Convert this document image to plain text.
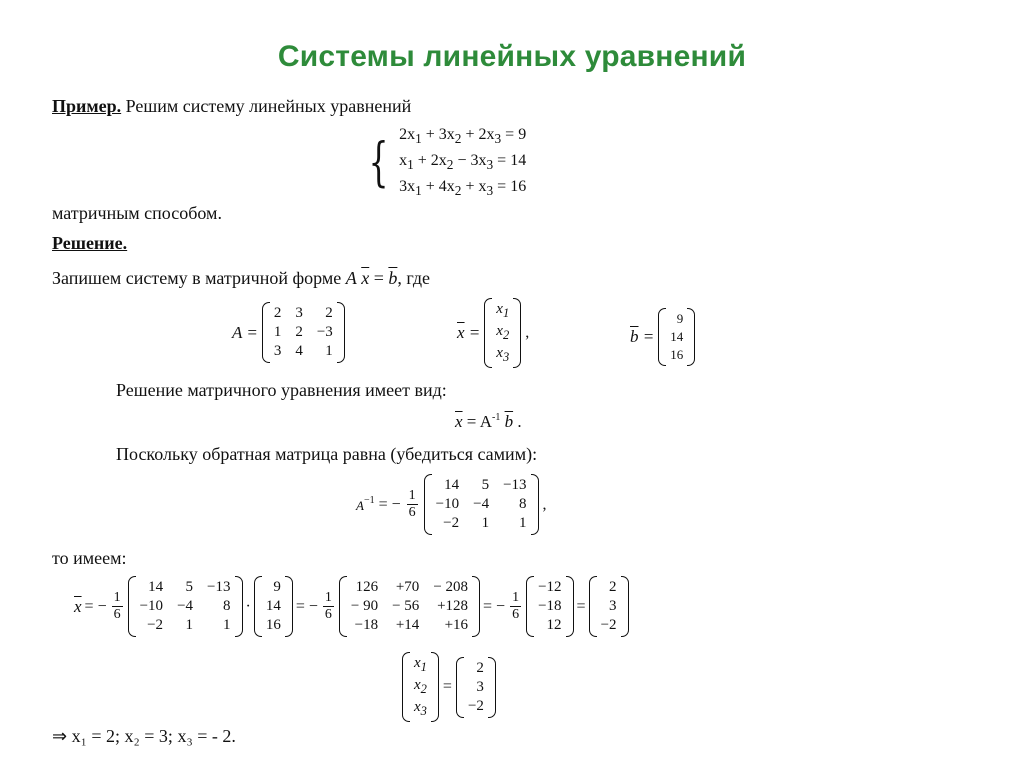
Системы линейных уравнений
Пример. Решим систему линейных уравнений
{ $2x_1 + 3x_2 + 2x_3 = 9$
$x_1 + 2x_2 - 3x_3 = 14$
$3x_1 + 4x_2 + x_3 = 16$
матричным способом.
Решение.
Запишем систему в матричной форме A $\overline{x} = \overline{b}$, где
A =
2 3	2
1 2 −3
3 4	1
$\overline{x}$ =
$x_1$
$x_2$
$x_3$
,	$\overline{b}$ =
9
14
16
Решение матричного уравнения имеет вид:
$\overline{x} = A^{-1}$ $\overline{b}$ .
Поскольку обратная матрица равна (убедиться самим):
$A^{-1}$ = − $\frac{1}{6}$
14	5 −13
−10 −4	8
−2	1	1
,
то имеем:
$\overline{x}$ = − $\frac{1}{6}$
14	5 −13
−10 −4	8
−2	1	1
·
9
14
16
= − $\frac{1}{6}$
126 +70 − 208
− 90 − 56 +128
−18 +14	+16
= − $\frac{1}{6}$
−12
−18
12
=
2
3
−2
$x_1$
$x_2$
$x_3$
=
2
3
−2
⇒ x₁ = 2; x₂ = 3; x₃ = - 2.
